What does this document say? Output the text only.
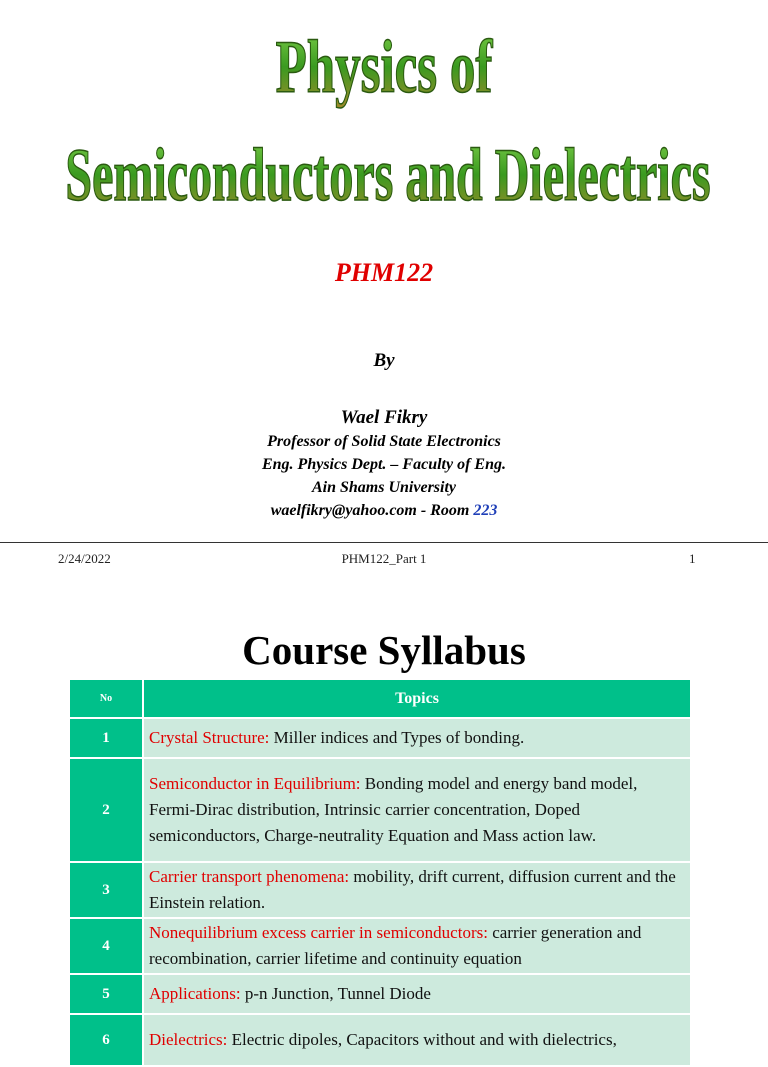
Physics of
Semiconductors and Dielectrics
PHM122
By
Wael Fikry
Professor of Solid State Electronics
Eng. Physics Dept. – Faculty of Eng.
Ain Shams University
waelfikry@yahoo.com - Room 223
2/24/2022	PHM122_Part 1	1
Course Syllabus
No	Topics
1	Crystal Structure: Miller indices and Types of bonding.
2	Semiconductor in Equilibrium: Bonding model and energy band model, Fermi-Dirac distribution, Intrinsic carrier concentration, Doped semiconductors, Charge-neutrality Equation and Mass action law.
3	Carrier transport phenomena: mobility, drift current, diffusion current and the Einstein relation.
4	Nonequilibrium excess carrier in semiconductors: carrier generation and recombination, carrier lifetime and continuity equation
5	Applications: p-n Junction, Tunnel Diode
6	Dielectrics: Electric dipoles, Capacitors without and with dielectrics,
